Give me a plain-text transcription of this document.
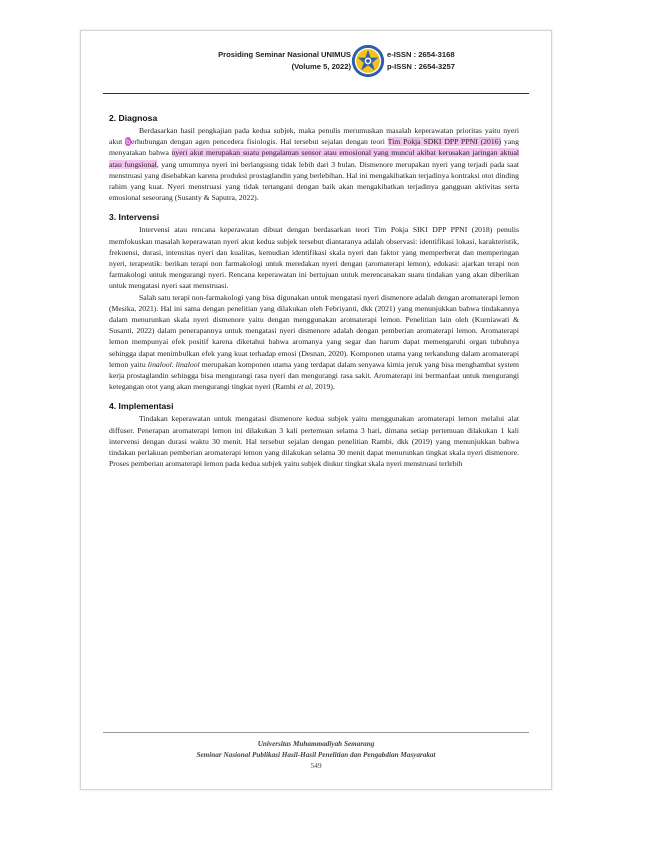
Prosiding Seminar Nasional UNIMUS
(Volume 5, 2022)
e-ISSN : 2654-3168
p-ISSN : 2654-3257
2. Diagnosa

Berdasarkan hasil pengkajian pada kedua subjek, maka penulis merumuskan masalah keperawatan prioritas yaitu nyeri akut berhubungan dengan agen pencedera fisiologis. Hal tersebut sejalan dengan teori Tim Pokja SDKI DPP PPNI (2016) yang menyatakan bahwa nyeri akut merupakan suatu pengalaman sensor atau emosional yang muncul akibat kerusakan jaringan aktual atau fungsional, yang umumnya nyeri ini berlangsung tidak lebih dari 3 bulan. Dismenore merupakan nyeri yang terjadi pada saat menstruasi yang disebabkan karena produksi prostaglandin yang berlebihan. Hal ini mengakibatkan terjadinya kontraksi otot dinding rahim yang kuat. Nyeri menstruasi yang tidak tertangani dengan baik akan mengakibatkan terjadinya gangguan aktivitas serta emosional seseorang (Susanty & Saputra, 2022).

3. Intervensi

Intervensi atau rencana keperawatan dibuat dengan berdasarkan teori Tim Pokja SIKI DPP PPNI (2018) penulis memfokuskan masalah keperawatan nyeri akut kedua subjek tersebut diantaranya adalah observasi: identifikasi lokasi, karakteristik, frekuensi, durasi, intensitas nyeri dan kualitas, kemudian identifikasi skala nyeri dan faktor yang memperberat dan memperingan nyeri, terapeutik: berikan terapi non farmakologi untuk meredakan nyeri dengan (aromaterapi lemon), edukasi: ajarkan terapi non farmakologi untuk mengurangi nyeri. Rencana keperawatan ini bertujuan untuk merencanakan suatu tindakan yang akan diberikan untuk mengatasi nyeri saat menstruasi.

Salah satu terapi non-farmakologi yang bisa digunakan untuk mengatasi nyeri dismenore adalah dengan aromaterapi lemon (Mesika, 2021). Hal ini sama dengan penelitian yang dilakukan oleh Febriyanti, dkk (2021) yang menunjukkan bahwa tindakannya dalam menurunkan skala nyeri dismenore yaitu dengan menggunakan aromaterapi lemon. Penelitian lain oleh (Kurniawati & Susanti, 2022) dalam penerapannya untuk mengatasi nyeri dismenore adalah dengan pemberian aromaterapi lemon. Aromaterapi lemon mempunyai efek positif karena diketahui bahwa aromanya yang segar dan harum dapat memengaruhi organ tubuhnya sehingga dapat menimbulkan efek yang kuat terhadap emosi (Desnan, 2020). Komponen utama yang terkandung dalam aromaterapi lemon yaitu linalool. linalool merupakan komponen utama yang terdapat dalam senyawa kimia jeruk yang bisa menghambat system kerja prostaglandin sehingga bisa mengurangi rasa nyeri dan mengurangi rasa sakit. Aromaterapi ini bermanfaat untuk mengurangi ketegangan otot yang akan mengurangi tingkat nyeri (Rambi et al, 2019).

4. Implementasi

Tindakan keperawatan untuk mengatasi dismenore kedua subjek yaitu menggunakan aromaterapi lemon melalui alat diffuser. Penerapan aromaterapi lemon ini dilakukan 3 kali pertemuan selama 3 hari, dimana setiap pertemuan dilakukan 1 kali intervensi dengan durasi waktu 30 menit. Hal tersebut sejalan dengan penelitian Rambi, dkk (2019) yang menunjukkan bahwa tindakan perlakuan pemberian aromaterapi lemon yang dilakukan selama 30 menit dapat menurunkan tingkat skala nyeri dismenore. Proses pemberian aromaterapi lemon pada kedua subjek yaitu subjek diukur tingkat skala nyeri menstruasi terlebih

Universitas Muhammadiyah Semarang
Seminar Nasional Publikasi Hasil-Hasil Penelitian dan Pengabdian Masyarakat
549
